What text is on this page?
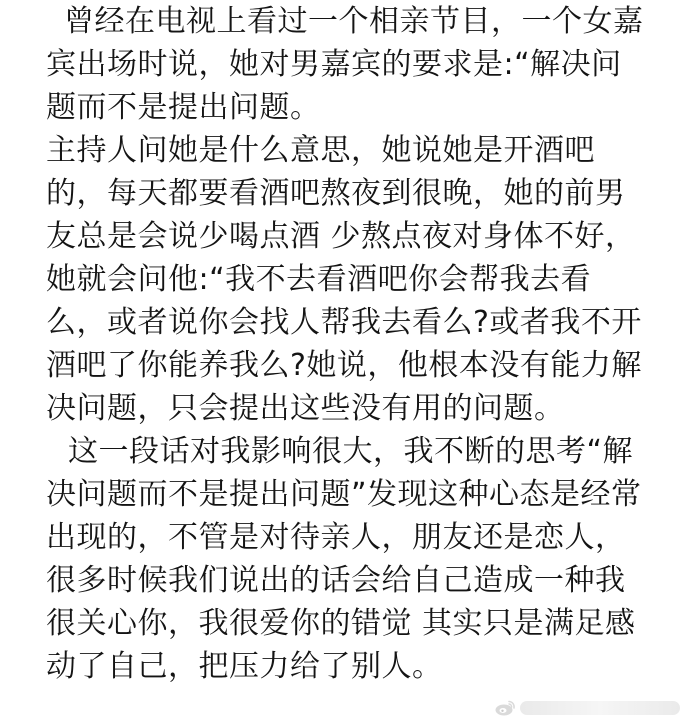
曾经在电视上看过一个相亲节目，一个女嘉
宾出场时说，她对男嘉宾的要求是:“解决问
题而不是提出问题。
主持人问她是什么意思，她说她是开酒吧
的，每天都要看酒吧熬夜到很晚，她的前男
友总是会说少喝点酒 少熬点夜对身体不好，
她就会问他:“我不去看酒吧你会帮我去看
么，或者说你会找人帮我去看么?或者我不开
酒吧了你能养我么?她说，他根本没有能力解
决问题，只会提出这些没有用的问题。
这一段话对我影响很大，我不断的思考“解
决问题而不是提出问题”发现这种心态是经常
出现的，不管是对待亲人，朋友还是恋人，
很多时候我们说出的话会给自己造成一种我
很关心你，我很爱你的错觉 其实只是满足感
动了自己，把压力给了别人。
